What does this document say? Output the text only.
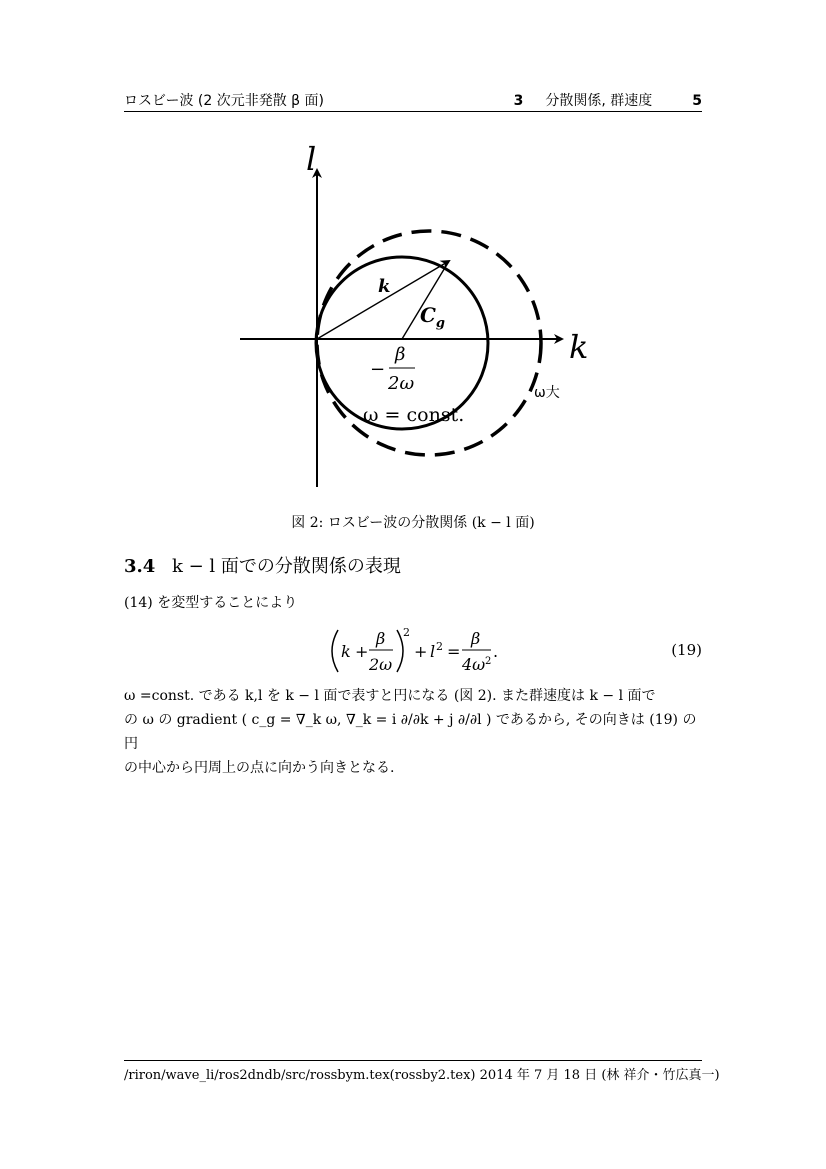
ロスビー波 (2 次元非発散 β 面)	3 分散関係, 群速度	5
l
k
k
$C_g$
−
β
2ω
ω = const.
ω大
図 2: ロスビー波の分散関係 (k − l 面)
3.4 k − l 面での分散関係の表現
(14) を変型することにより
k +
β
2ω
2
+ l 2 =
β
4ω 2
.	(19)
ω =const. である k,l を k − l 面で表すと円になる (図 2). また群速度は k − l 面で
の ω の gradient ( c_g = ∇_k ω, ∇_k = i ∂/∂k + j ∂/∂l ) であるから, その向きは (19) の円
の中心から円周上の点に向かう向きとなる.
/riron/wave_li/ros2dndb/src/rossbym.tex(rossby2.tex) 2014 年 7 月 18 日 (林 祥介・竹広真一)
